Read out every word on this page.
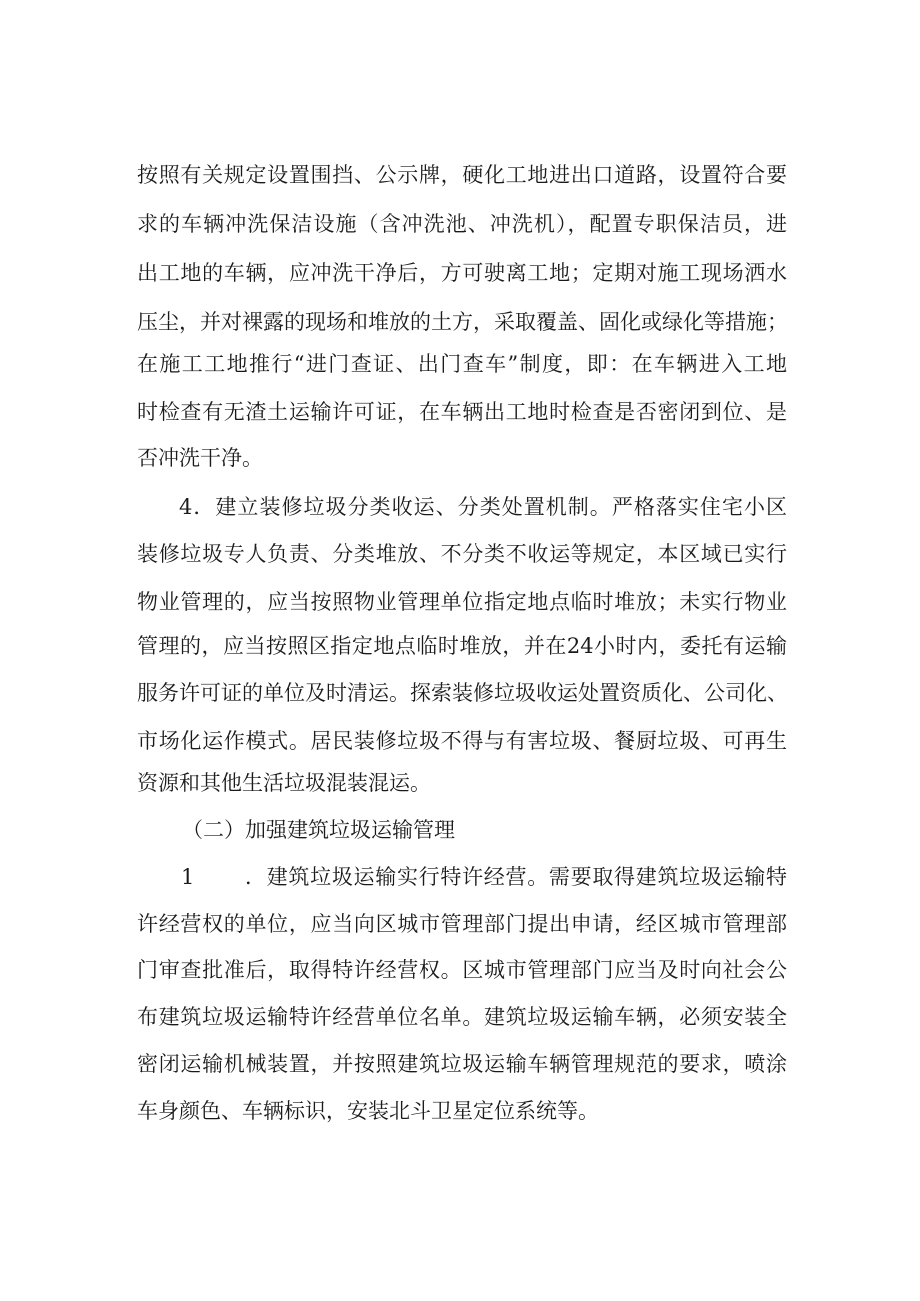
按照有关规定设置围挡、公示牌，硬化工地进出口道路，设置符合要
求的车辆冲洗保洁设施（含冲洗池、冲洗机），配置专职保洁员，进
出工地的车辆，应冲洗干净后，方可驶离工地；定期对施工现场洒水
压尘，并对裸露的现场和堆放的土方，采取覆盖、固化或绿化等措施；
在施工工地推行“进门查证、出门查车”制度，即：在车辆进入工地
时检查有无渣土运输许可证，在车辆出工地时检查是否密闭到位、是
否冲洗干净。
4．建立装修垃圾分类收运、分类处置机制。严格落实住宅小区
装修垃圾专人负责、分类堆放、不分类不收运等规定，本区域已实行
物业管理的，应当按照物业管理单位指定地点临时堆放；未实行物业
管理的，应当按照区指定地点临时堆放，并在24小时内，委托有运输
服务许可证的单位及时清运。探索装修垃圾收运处置资质化、公司化、
市场化运作模式。居民装修垃圾不得与有害垃圾、餐厨垃圾、可再生
资源和其他生活垃圾混装混运。
（二）加强建筑垃圾运输管理
1 ．建筑垃圾运输实行特许经营。需要取得建筑垃圾运输特
许经营权的单位，应当向区城市管理部门提出申请，经区城市管理部
门审查批准后，取得特许经营权。区城市管理部门应当及时向社会公
布建筑垃圾运输特许经营单位名单。建筑垃圾运输车辆，必须安装全
密闭运输机械装置，并按照建筑垃圾运输车辆管理规范的要求，喷涂
车身颜色、车辆标识，安装北斗卫星定位系统等。
